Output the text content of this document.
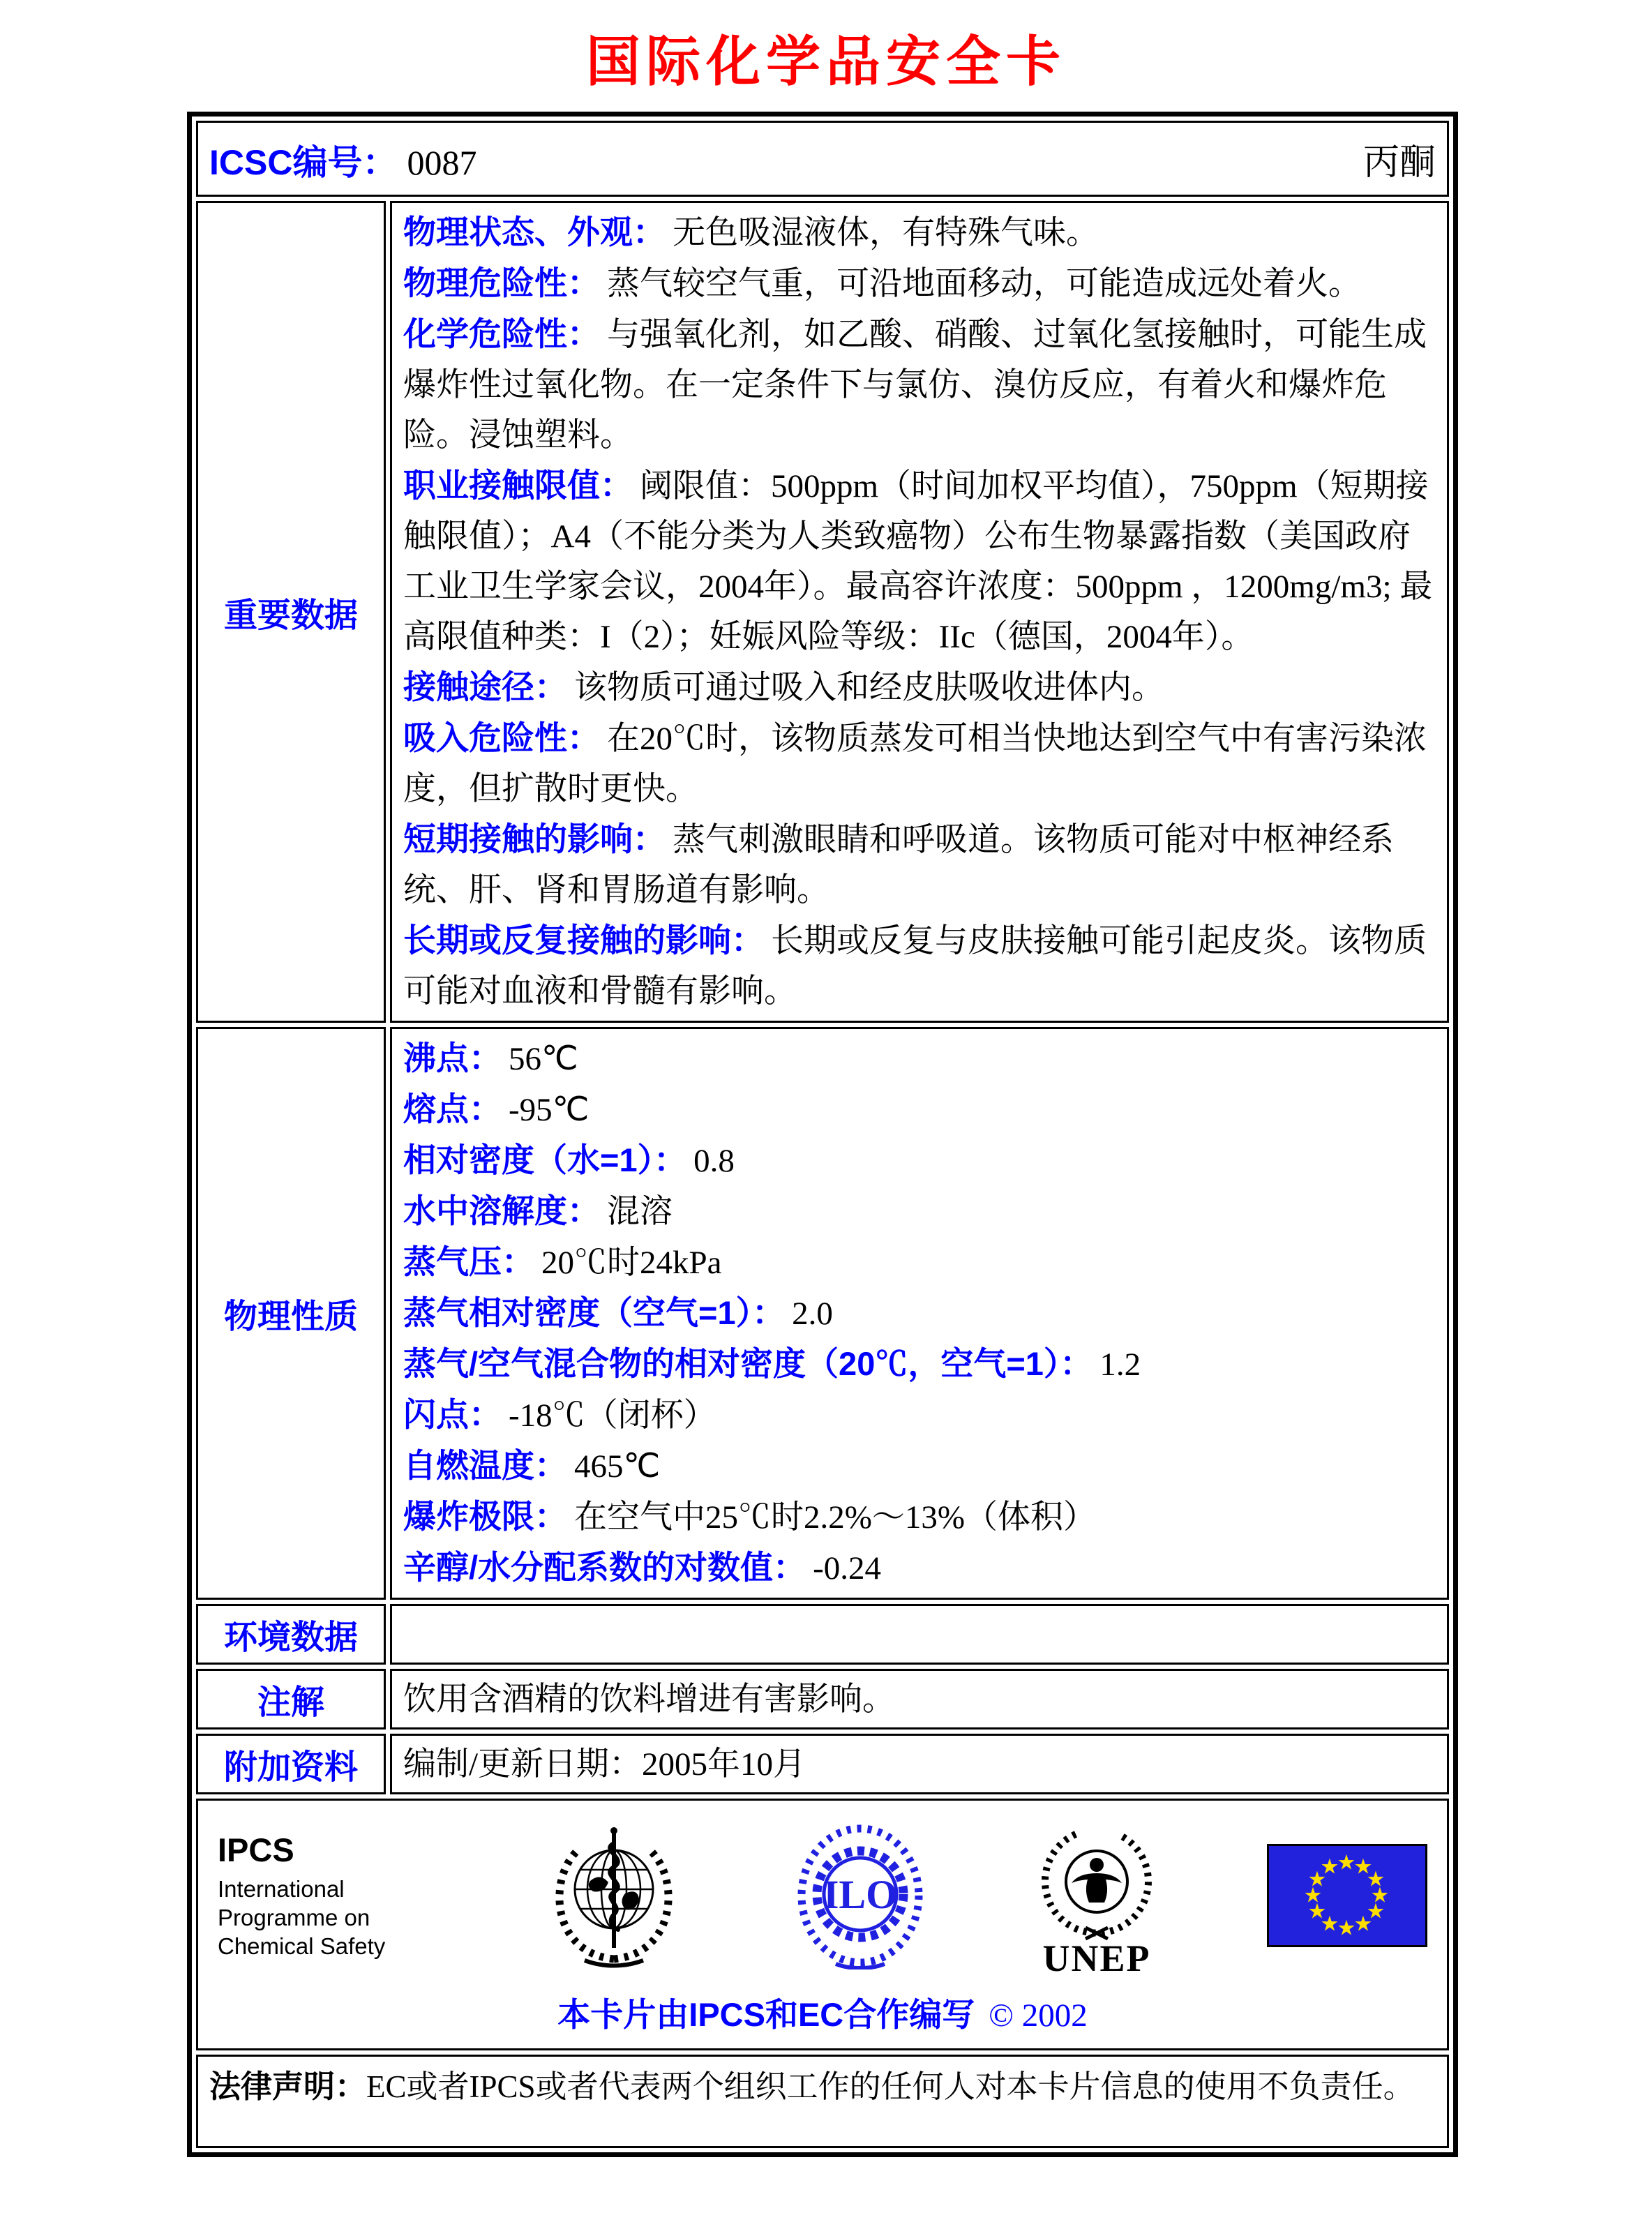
国际化学品安全卡
ICSC编号： 0087 丙酮	

重要数据	
物理状态、外观： 无色吸湿液体，有特殊气味。
物理危险性： 蒸气较空气重，可沿地面移动，可能造成远处着火。
化学危险性： 与强氧化剂，如乙酸、硝酸、过氧化氢接触时，可能生成爆炸性过氧化物。在一定条件下与氯仿、溴仿反应，有着火和爆炸危险。浸蚀塑料。
职业接触限值： 阈限值：500ppm（时间加权平均值），750ppm（短期接触限值）；A4（不能分类为人类致癌物）公布生物暴露指数（美国政府工业卫生学家会议，2004年）。最高容许浓度：500ppm ，1200mg/m3; 最高限值种类：I（2）；妊娠风险等级：IIc（德国，2004年）。
接触途径： 该物质可通过吸入和经皮肤吸收进体内。
吸入危险性： 在20℃时，该物质蒸发可相当快地达到空气中有害污染浓度，但扩散时更快。
短期接触的影响： 蒸气刺激眼睛和呼吸道。该物质可能对中枢神经系统、肝、肾和胃肠道有影响。
长期或反复接触的影响： 长期或反复与皮肤接触可能引起皮炎。该物质可能对血液和骨髓有影响。

物理性质	
沸点： 56℃
熔点： -95℃
相对密度（水=1）： 0.8
水中溶解度： 混溶
蒸气压： 20℃时24kPa
蒸气相对密度（空气=1）： 2.0
蒸气/空气混合物的相对密度（20℃，空气=1）： 1.2
闪点： -18℃（闭杯）
自燃温度： 465℃
爆炸极限： 在空气中25℃时2.2%～13%（体积）
辛醇/水分配系数的对数值： -0.24

环境数据	
注解	饮用含酒精的饮料增进有害影响。

附加资料	编制/更新日期：2005年10月

IPCS
International
Programme on
Chemical Safety
ILO
UNEP
★
★
★
★
★
★
★
★
★
★
★
★
本卡片由IPCS和EC合作编写 © 2002

法律声明：EC或者IPCS或者代表两个组织工作的任何人对本卡片信息的使用不负责任。	
